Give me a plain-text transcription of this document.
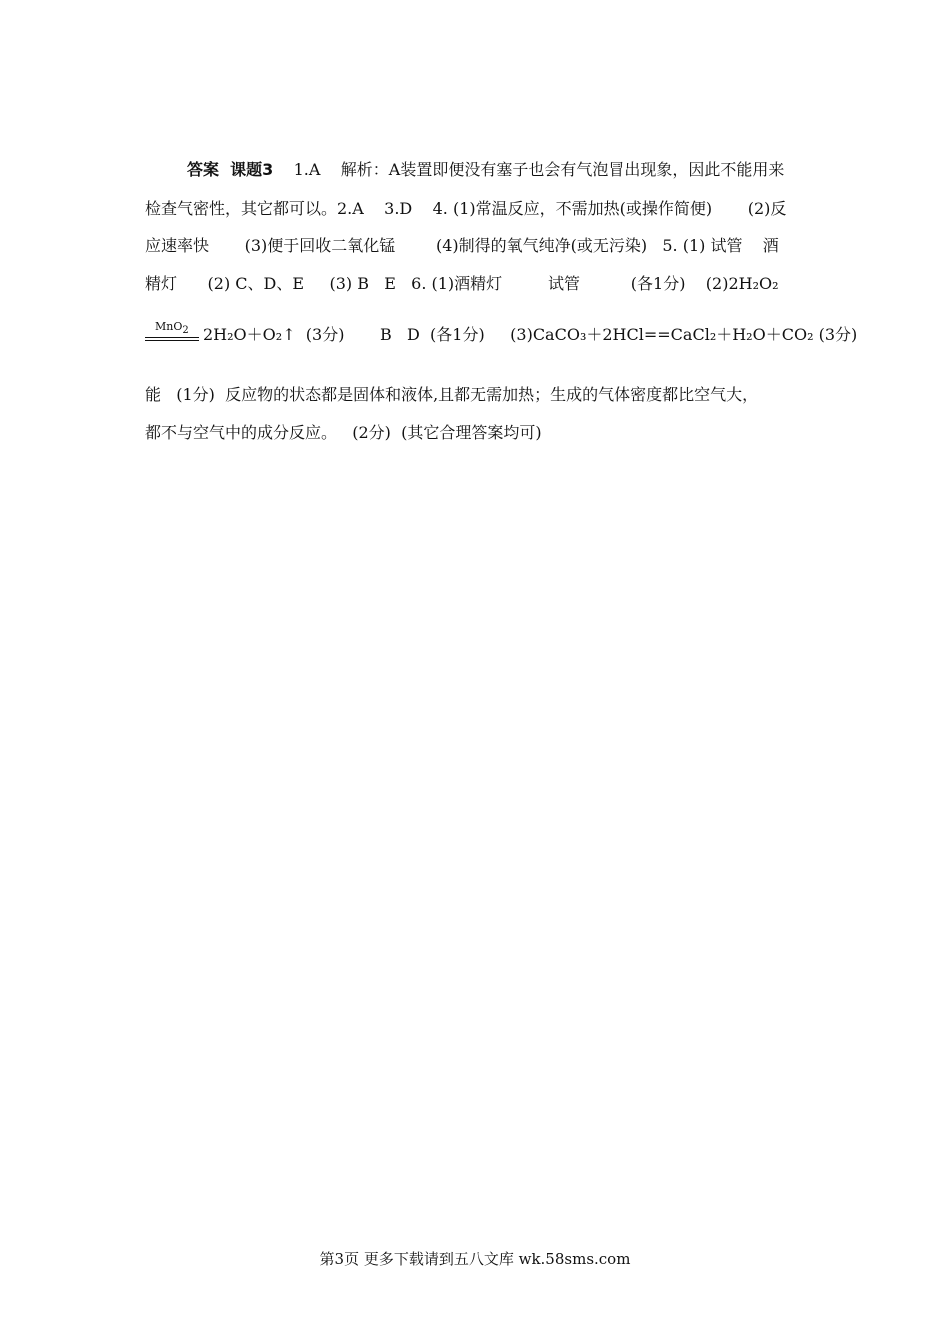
答案  课题3    1.A    解析：A装置即便没有塞子也会有气泡冒出现象，因此不能用来
检查气密性，其它都可以。2.A    3.D    4. (1)常温反应，不需加热(或操作简便)       (2)反
应速率快       (3)便于回收二氧化锰        (4)制得的氧气纯净(或无污染)   5. (1) 试管    酒
精灯      (2) C、D、E     (3) B   E   6. (1)酒精灯         试管          (各1分)    (2)2H₂O₂
MnO2 2H₂O＋O₂↑  (3分)       B   D  (各1分)     (3)CaCO₃＋2HCl==CaCl₂＋H₂O＋CO₂ (3分)
能   (1分)  反应物的状态都是固体和液体,且都无需加热；生成的气体密度都比空气大，
都不与空气中的成分反应。   (2分)  (其它合理答案均可)
第3页 更多下载请到五八文库 wk.58sms.com
